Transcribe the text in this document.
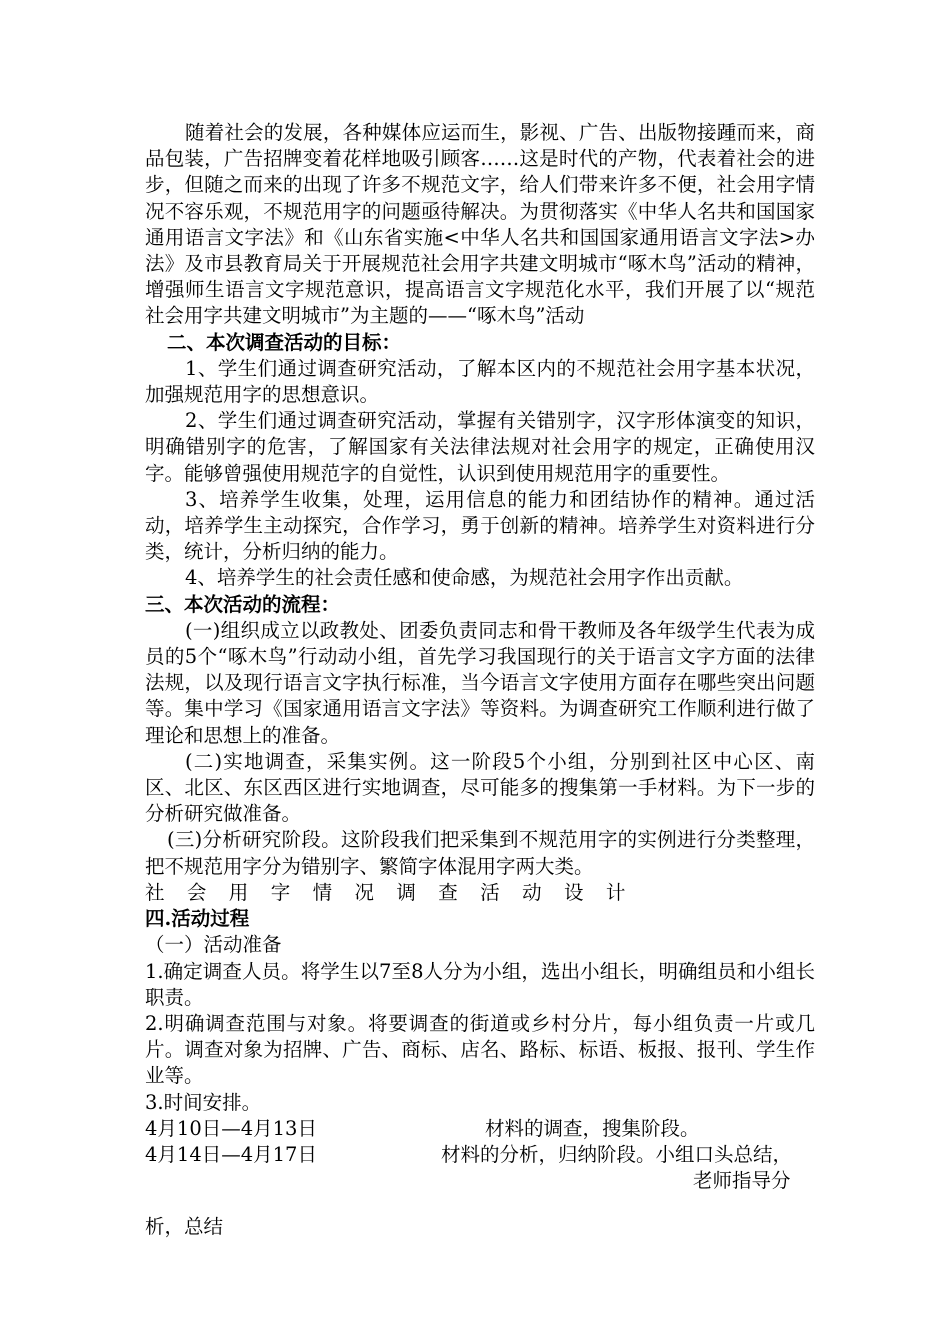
随着社会的发展，各种媒体应运而生，影视、广告、出版物接踵而来，商品包装，广告招牌变着花样地吸引顾客……这是时代的产物，代表着社会的进步，但随之而来的出现了许多不规范文字，给人们带来许多不便，社会用字情况不容乐观，不规范用字的问题亟待解决。为贯彻落实《中华人名共和国国家通用语言文字法》和《山东省实施<中华人名共和国国家通用语言文字法>办法》及市县教育局关于开展规范社会用字共建文明城市“啄木鸟”活动的精神，增强师生语言文字规范意识，提高语言文字规范化水平，我们开展了以“规范社会用字共建文明城市”为主题的——“啄木鸟”活动

二、本次调查活动的目标：

1、学生们通过调查研究活动，了解本区内的不规范社会用字基本状况，加强规范用字的思想意识。

2、学生们通过调查研究活动，掌握有关错别字，汉字形体演变的知识，明确错别字的危害，了解国家有关法律法规对社会用字的规定，正确使用汉字。能够曾强使用规范字的自觉性，认识到使用规范用字的重要性。

3、培养学生收集，处理，运用信息的能力和团结协作的精神。通过活动，培养学生主动探究，合作学习，勇于创新的精神。培养学生对资料进行分类，统计，分析归纳的能力。

4、培养学生的社会责任感和使命感，为规范社会用字作出贡献。

三、本次活动的流程：

(一)组织成立以政教处、团委负责同志和骨干教师及各年级学生代表为成员的5个“啄木鸟”行动动小组，首先学习我国现行的关于语言文字方面的法律法规，以及现行语言文字执行标准，当今语言文字使用方面存在哪些突出问题等。集中学习《国家通用语言文字法》等资料。为调查研究工作顺利进行做了理论和思想上的准备。

(二)实地调查，采集实例。这一阶段5个小组，分别到社区中心区、南区、北区、东区西区进行实地调查，尽可能多的搜集第一手材料。为下一步的分析研究做准备。

(三)分析研究阶段。这阶段我们把采集到不规范用字的实例进行分类整理，把不规范用字分为错别字、繁简字体混用字两大类。

社会用字情况调查活动设计

四.活动过程

（一）活动准备

1.确定调查人员。将学生以7至8人分为小组，选出小组长，明确组员和小组长职责。

2.明确调查范围与对象。将要调查的街道或乡村分片，每小组负责一片或几片。调查对象为招牌、广告、商标、店名、路标、标语、板报、报刊、学生作业等。

3.时间安排。

4月10日—4月13日	材料的调查，搜集阶段。
4月14日—4月17日	材料的分析，归纳阶段。小组口头总结，

老师指导分

析，总结
